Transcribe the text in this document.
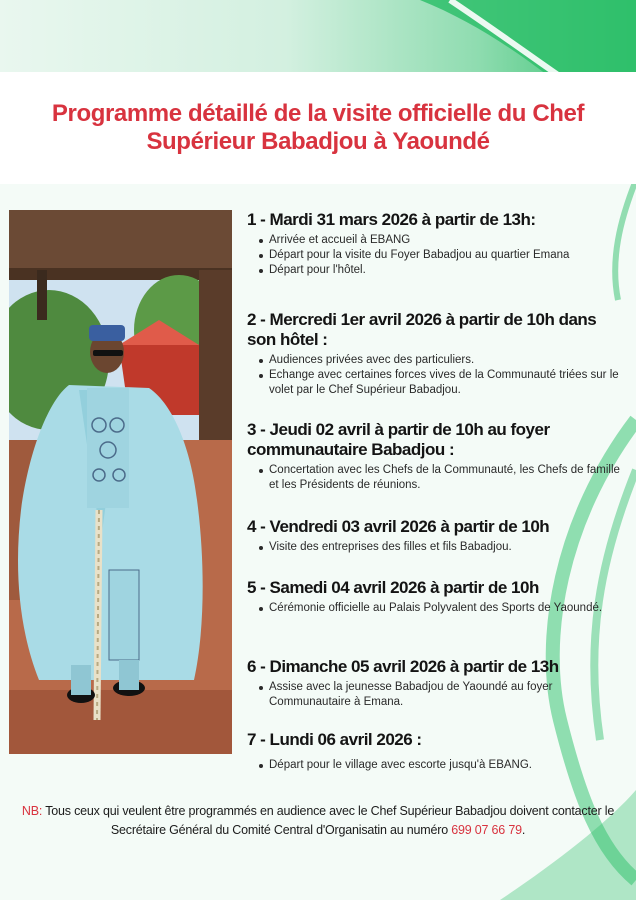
Programme détaillé de la visite officielle du Chef Supérieur Babadjou à Yaoundé
1 - Mardi 31 mars 2026 à partir de 13h:
Arrivée et accueil à EBANG
Départ pour la visite du Foyer Babadjou au quartier Emana
Départ pour l'hôtel.
2 - Mercredi 1er avril 2026 à partir de 10h dans son hôtel :
Audiences privées avec des particuliers.
Echange avec certaines forces vives de la Communauté triées sur le volet par le Chef Supérieur Babadjou.
3 - Jeudi 02 avril à partir de 10h au foyer communautaire Babadjou :
Concertation avec les Chefs de la Communauté, les Chefs de famille et les Présidents de réunions.
4 - Vendredi 03 avril 2026 à partir de 10h
Visite des entreprises des filles et fils Babadjou.
5 - Samedi 04 avril 2026 à partir de 10h
Cérémonie officielle au Palais Polyvalent des Sports de Yaoundé.
6 - Dimanche 05 avril 2026 à partir de 13h
Assise avec la jeunesse Babadjou de Yaoundé au foyer Communautaire à Emana.
7 - Lundi 06 avril 2026 :
Départ pour le village avec escorte jusqu'à EBANG.
NB: Tous ceux qui veulent être programmés en audience avec le Chef Supérieur Babadjou doivent contacter le Secrétaire Général du Comité Central d'Organisatin au numéro 699 07 66 79.
